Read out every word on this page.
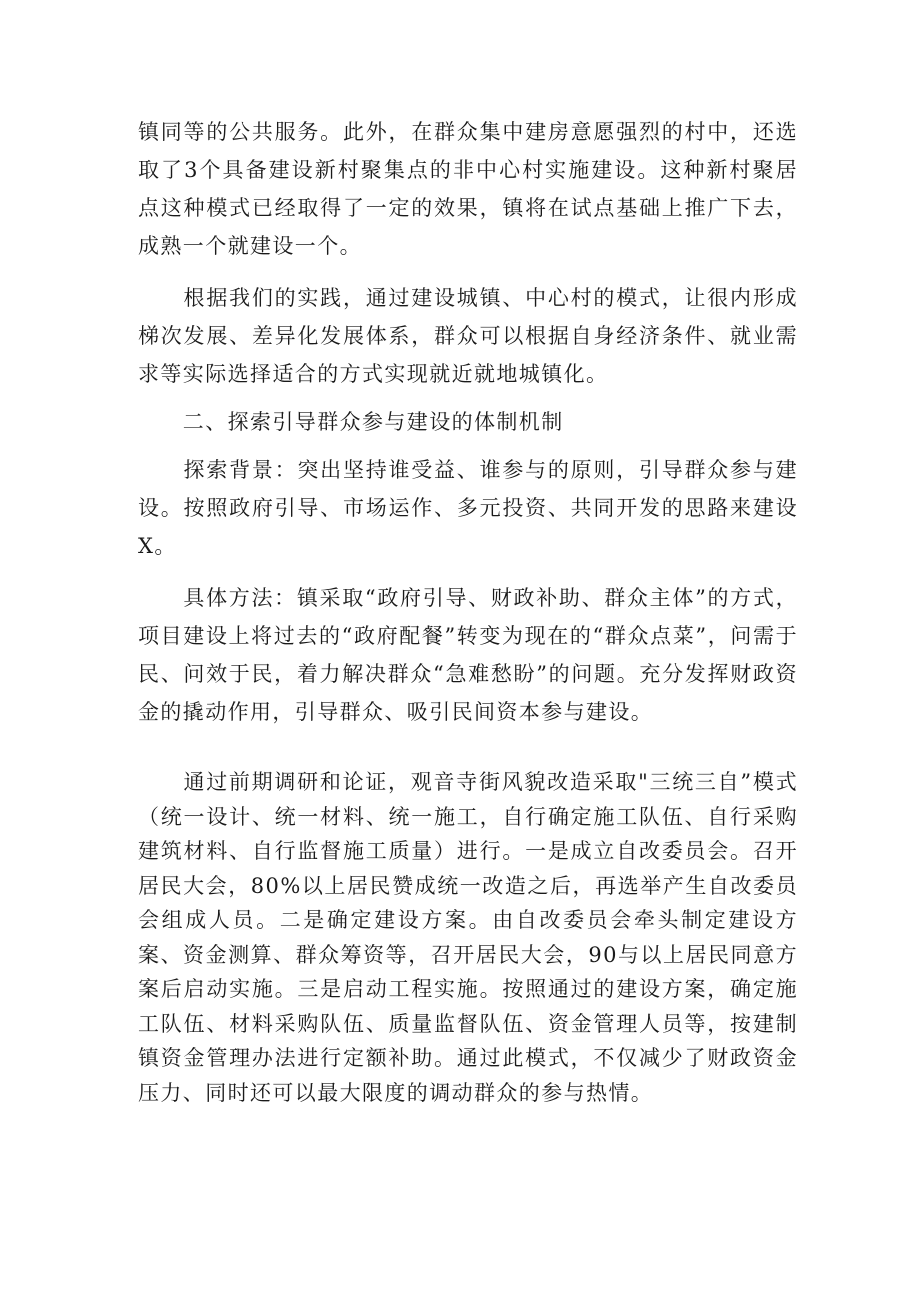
镇同等的公共服务。此外，在群众集中建房意愿强烈的村中，还选取了3个具备建设新村聚集点的非中心村实施建设。这种新村聚居点这种模式已经取得了一定的效果，镇将在试点基础上推广下去，成熟一个就建设一个。

　　根据我们的实践，通过建设城镇、中心村的模式，让很内形成梯次发展、差异化发展体系，群众可以根据自身经济条件、就业需求等实际选择适合的方式实现就近就地城镇化。

　　二、探索引导群众参与建设的体制机制

　　探索背景：突出坚持谁受益、谁参与的原则，引导群众参与建设。按照政府引导、市场运作、多元投资、共同开发的思路来建设X。

　　具体方法：镇采取“政府引导、财政补助、群众主体”的方式，项目建设上将过去的“政府配餐”转变为现在的“群众点菜”，问需于民、问效于民，着力解决群众“急难愁盼”的问题。充分发挥财政资金的撬动作用，引导群众、吸引民间资本参与建设。

　　通过前期调研和论证，观音寺街风貌改造采取"三统三自”模式（统一设计、统一材料、统一施工，自行确定施工队伍、自行采购建筑材料、自行监督施工质量）进行。一是成立自改委员会。召开居民大会，80%以上居民赞成统一改造之后，再选举产生自改委员会组成人员。二是确定建设方案。由自改委员会牵头制定建设方案、资金测算、群众筹资等，召开居民大会，90与以上居民同意方案后启动实施。三是启动工程实施。按照通过的建设方案，确定施工队伍、材料采购队伍、质量监督队伍、资金管理人员等，按建制镇资金管理办法进行定额补助。通过此模式，不仅减少了财政资金压力、同时还可以最大限度的调动群众的参与热情。
